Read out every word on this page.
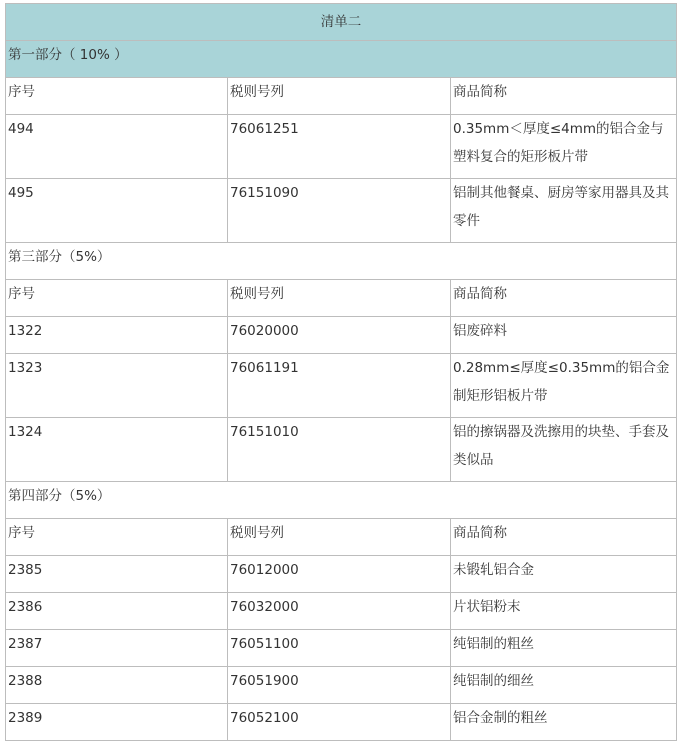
清单二		
第一部分（ 10% ）		
序号	税则号列	商品简称
494	76061251	0.35mm＜厚度≤4mm的铝合金与塑料复合的矩形板片带
495	76151090	铝制其他餐桌、厨房等家用器具及其零件
第三部分（5%）		
序号	税则号列	商品简称
1322	76020000	铝废碎料
1323	76061191	0.28mm≤厚度≤0.35mm的铝合金制矩形铝板片带
1324	76151010	铝的擦锅器及洗擦用的块垫、手套及类似品
第四部分（5%）		
序号	税则号列	商品简称
2385	76012000	未锻轧铝合金
2386	76032000	片状铝粉末
2387	76051100	纯铝制的粗丝
2388	76051900	纯铝制的细丝
2389	76052100	铝合金制的粗丝
